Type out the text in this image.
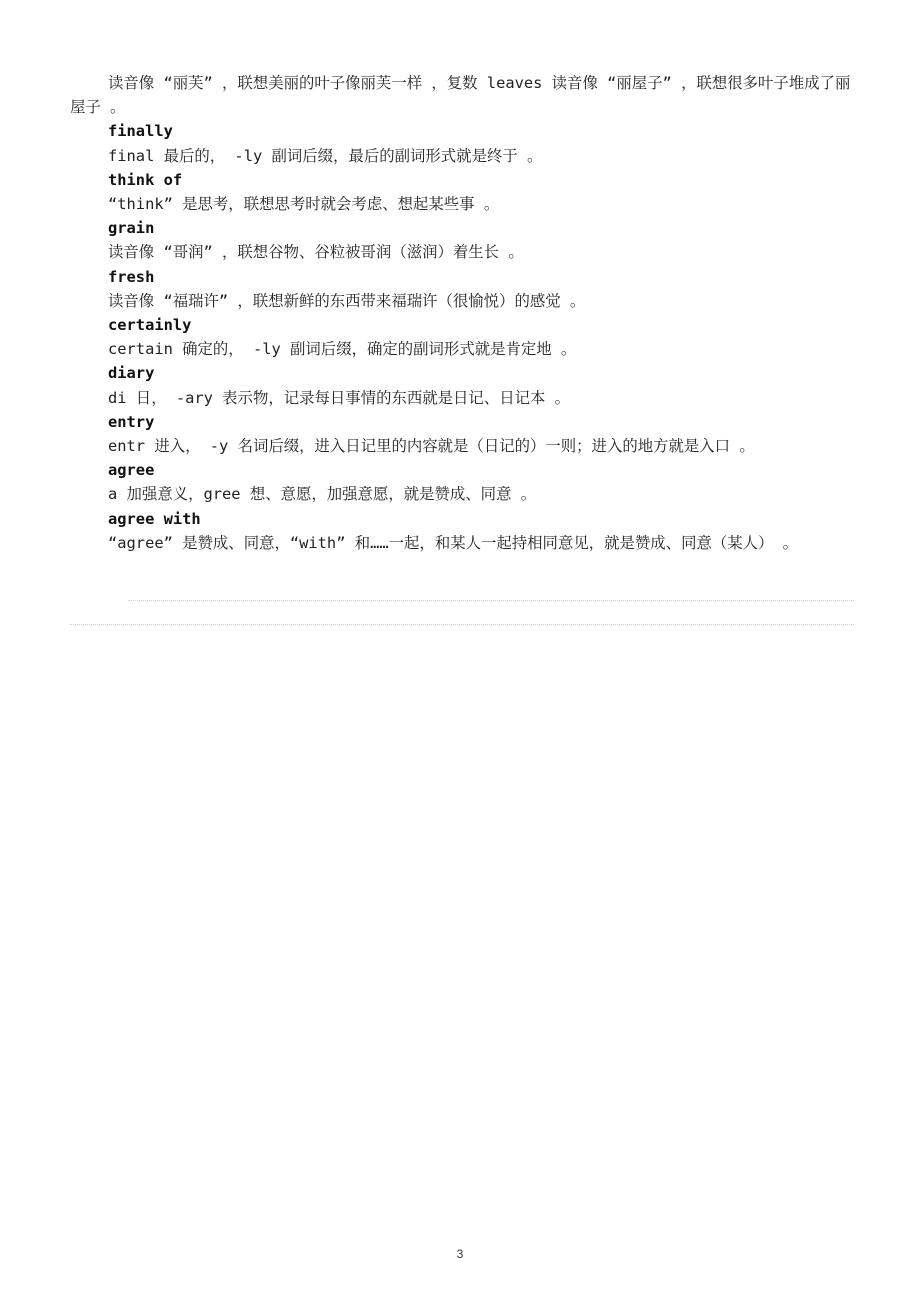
读音像 “丽芙” ，联想美丽的叶子像丽芙一样 ，复数 leaves 读音像 “丽屋子” ，联想很多叶子堆成了丽屋子 。

finally

final 最后的， -ly 副词后缀，最后的副词形式就是终于 。

think of

“think” 是思考，联想思考时就会考虑、想起某些事 。

grain

读音像 “哥润” ，联想谷物、谷粒被哥润（滋润）着生长 。

fresh

读音像 “福瑞许” ，联想新鲜的东西带来福瑞许（很愉悦）的感觉 。

certainly

certain 确定的， -ly 副词后缀，确定的副词形式就是肯定地 。

diary

di 日， -ary 表示物，记录每日事情的东西就是日记、日记本 。

entry

entr 进入， -y 名词后缀，进入日记里的内容就是（日记的）一则；进入的地方就是入口 。

agree

a 加强意义，gree 想、意愿，加强意愿，就是赞成、同意 。

agree with

“agree” 是赞成、同意，“with” 和……一起，和某人一起持相同意见，就是赞成、同意（某人） 。

3
